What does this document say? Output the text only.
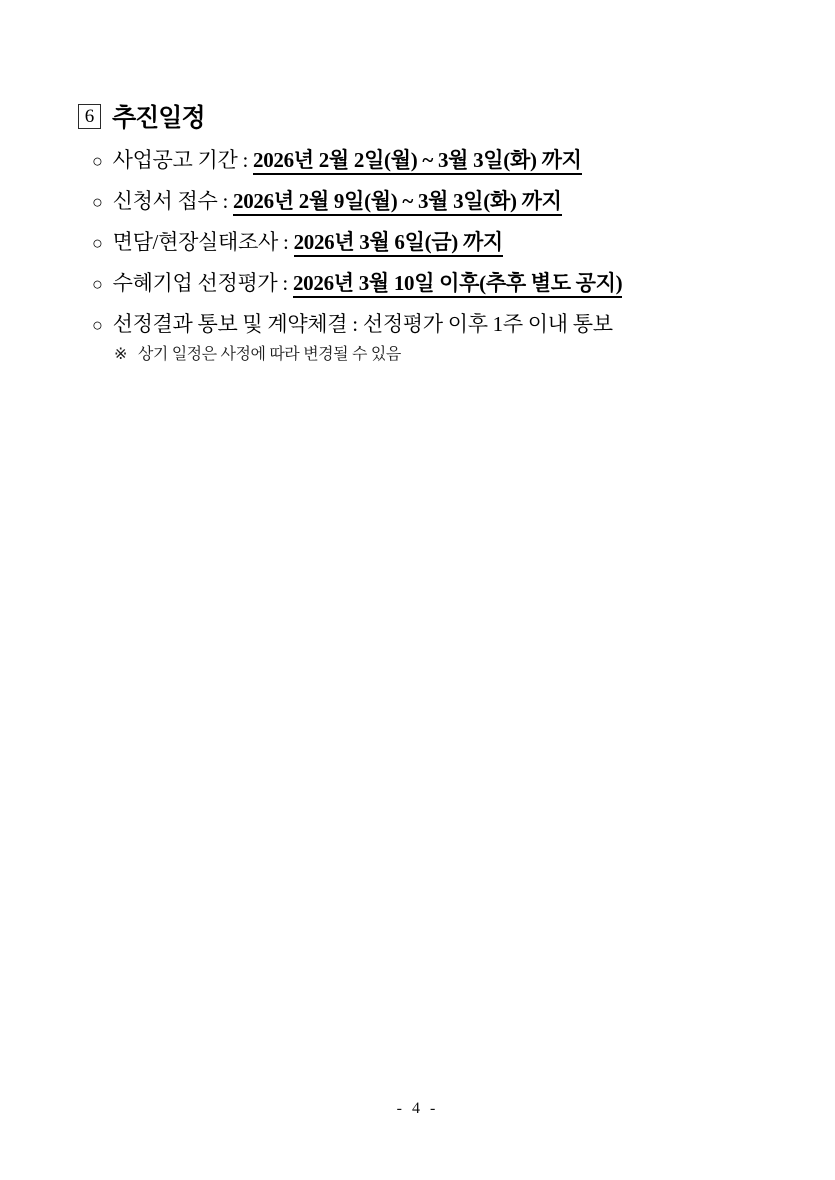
6 추진일정
○ 사업공고 기간 : 2026년 2월 2일(월) ~ 3월 3일(화) 까지
○ 신청서 접수 : 2026년 2월 9일(월) ~ 3월 3일(화) 까지
○ 면담/현장실태조사 : 2026년 3월 6일(금) 까지
○ 수혜기업 선정평가 : 2026년 3월 10일 이후(추후 별도 공지)
○ 선정결과 통보 및 계약체결 : 선정평가 이후 1주 이내 통보
※ 상기 일정은 사정에 따라 변경될 수 있음
- 4 -
